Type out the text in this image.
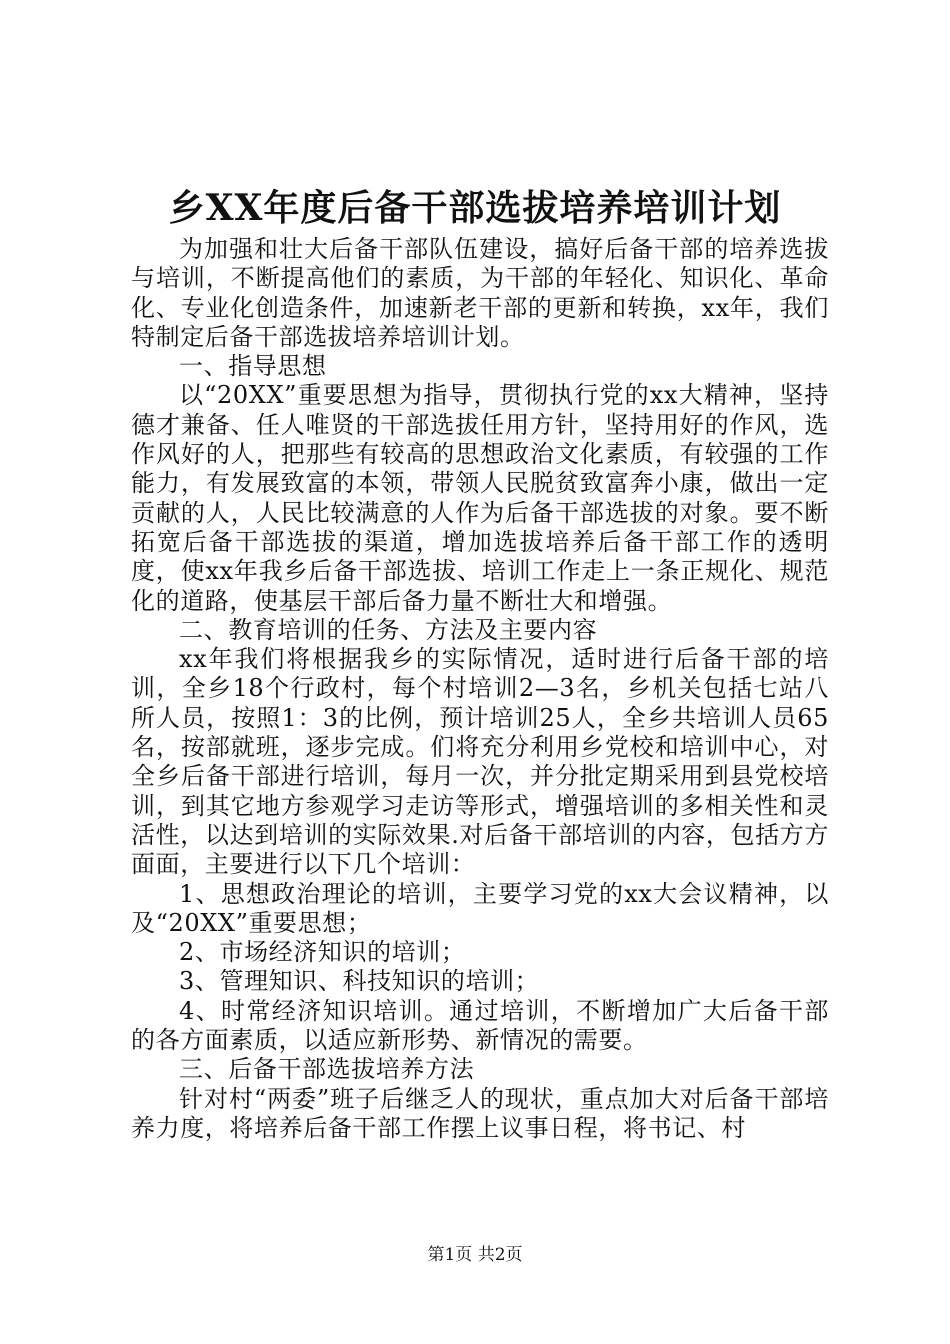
乡XX年度后备干部选拔培养培训计划

为加强和壮大后备干部队伍建设，搞好后备干部的培养选拔与培训，不断提高他们的素质，为干部的年轻化、知识化、革命化、专业化创造条件，加速新老干部的更新和转换，xx年，我们特制定后备干部选拔培养培训计划。

一、指导思想

以“20XX”重要思想为指导，贯彻执行党的xx大精神，坚持德才兼备、任人唯贤的干部选拔任用方针，坚持用好的作风，选作风好的人，把那些有较高的思想政治文化素质，有较强的工作能力，有发展致富的本领，带领人民脱贫致富奔小康，做出一定贡献的人，人民比较满意的人作为后备干部选拔的对象。要不断拓宽后备干部选拔的渠道，增加选拔培养后备干部工作的透明度，使xx年我乡后备干部选拔、培训工作走上一条正规化、规范化的道路，使基层干部后备力量不断壮大和增强。

二、教育培训的任务、方法及主要内容

xx年我们将根据我乡的实际情况，适时进行后备干部的培训，全乡18个行政村，每个村培训2—3名，乡机关包括七站八所人员，按照1：3的比例，预计培训25人，全乡共培训人员65名，按部就班，逐步完成。们将充分利用乡党校和培训中心，对全乡后备干部进行培训，每月一次，并分批定期采用到县党校培训，到其它地方参观学习走访等形式，增强培训的多相关性和灵活性，以达到培训的实际效果.对后备干部培训的内容，包括方方面面，主要进行以下几个培训：

1、思想政治理论的培训，主要学习党的xx大会议精神，以及“20XX”重要思想；

2、市场经济知识的培训；

3、管理知识、科技知识的培训；

4、时常经济知识培训。通过培训，不断增加广大后备干部的各方面素质，以适应新形势、新情况的需要。

三、后备干部选拔培养方法

针对村“两委”班子后继乏人的现状，重点加大对后备干部培养力度，将培养后备干部工作摆上议事日程，将书记、村

第1页 共2页
